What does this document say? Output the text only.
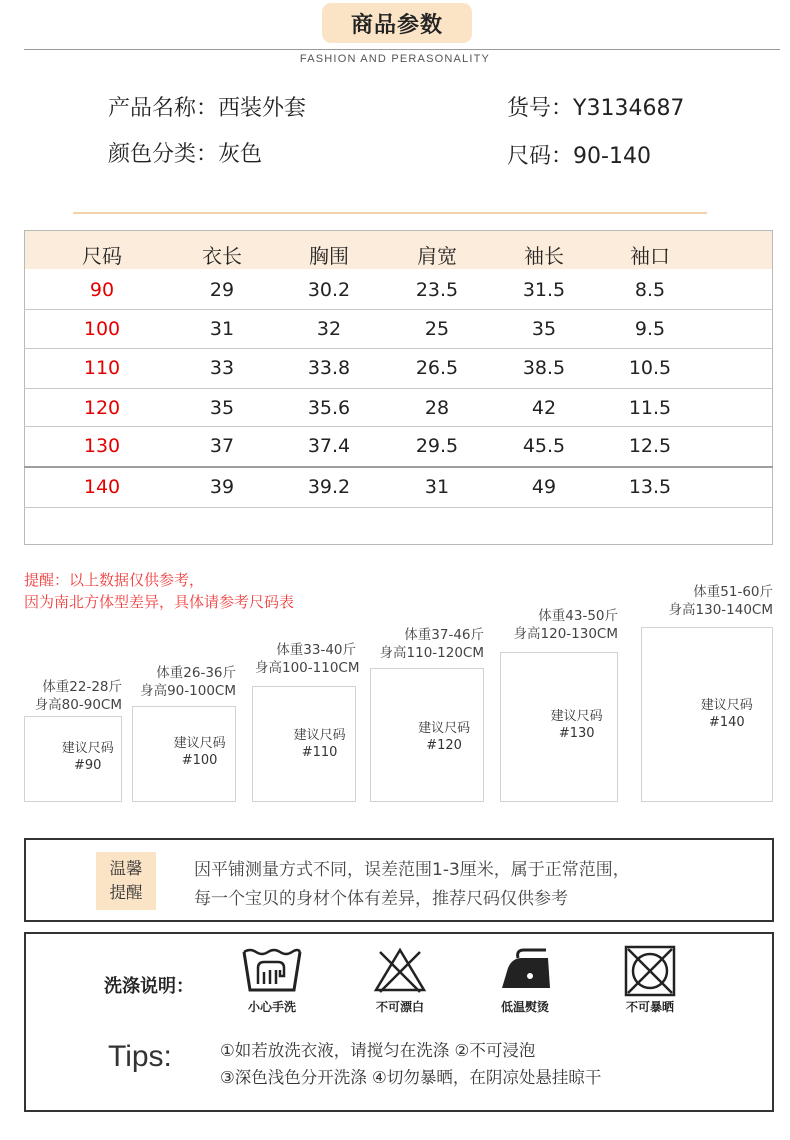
商品参数
FASHION AND PERASONALITY
产品名称：西装外套
颜色分类：灰色
货号：Y3134687
尺码：90-140
尺码	衣长	胸围	肩宽	袖长	袖口
90	29	30.2	23.5	31.5	8.5
100	31	32	25	35	9.5
110	33	33.8	26.5	38.5	10.5
120	35	35.6	28	42	11.5
130	37	37.4	29.5	45.5	12.5
140	39	39.2	31	49	13.5
提醒：以上数据仅供参考，
因为南北方体型差异，具体请参考尺码表
体重22-28斤
身高80-90CM
建议尺码
#90
体重26-36斤
身高90-100CM
建议尺码
#100
体重33-40斤
身高100-110CM
建议尺码
#110
体重37-46斤
身高110-120CM
建议尺码
#120
体重43-50斤
身高120-130CM
建议尺码
#130
体重51-60斤
身高130-140CM
建议尺码
#140
温馨
提醒
因平铺测量方式不同，误差范围1-3厘米，属于正常范围，
每一个宝贝的身材个体有差异，推荐尺码仅供参考
洗涤说明：
小心手洗	不可漂白	低温熨烫	不可暴晒
Tips:	①如若放洗衣液，请搅匀在洗涤 ②不可浸泡
③深色浅色分开洗涤 ④切勿暴晒，在阴凉处悬挂晾干
